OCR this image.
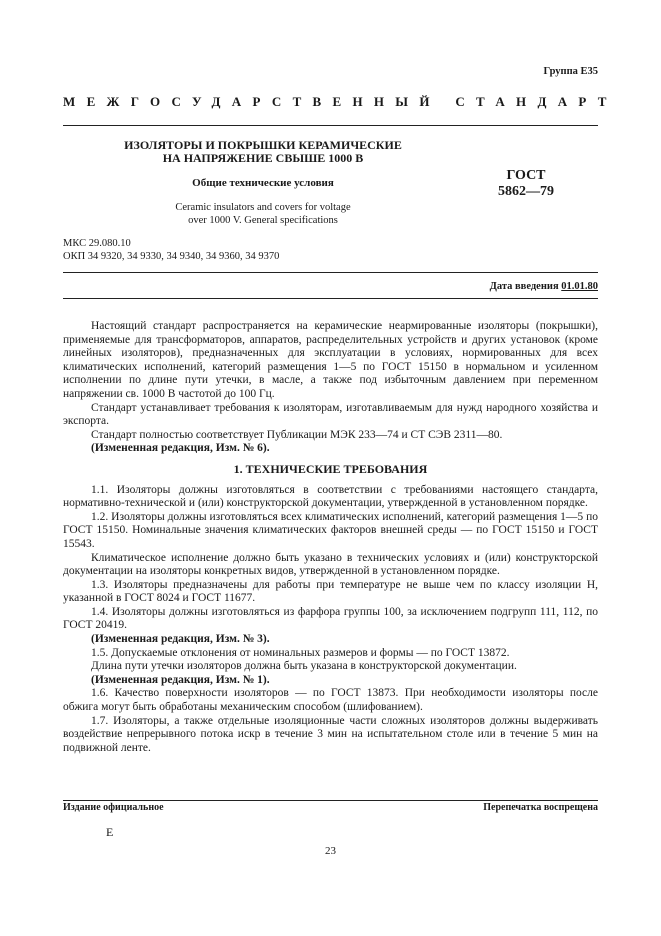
Группа Е35
МЕЖГОСУДАРСТВЕННЫЙ СТАНДАРТ
ИЗОЛЯТОРЫ И ПОКРЫШКИ КЕРАМИЧЕСКИЕ
НА НАПРЯЖЕНИЕ СВЫШЕ 1000 В
Общие технические условия
Ceramic insulators and covers for voltage
over 1000 V. General specifications
ГОСТ
5862—79
МКС 29.080.10
ОКП 34 9320, 34 9330, 34 9340, 34 9360, 34 9370
Дата введения 01.01.80

Настоящий стандарт распространяется на керамические неармированные изоляторы (покрышки), применяемые для трансформаторов, аппаратов, распределительных устройств и других установок (кроме линейных изоляторов), предназначенных для эксплуатации в условиях, нормированных для всех климатических исполнений, категорий размещения 1—5 по ГОСТ 15150 в нормальном и усиленном исполнении по длине пути утечки, в масле, а также под избыточным давлением при переменном напряжении св. 1000 В частотой до 100 Гц.

Стандарт устанавливает требования к изоляторам, изготавливаемым для нужд народного хозяйства и экспорта.

Стандарт полностью соответствует Публикации МЭК 233—74 и СТ СЭВ 2311—80.

(Измененная редакция, Изм. № 6).

1. ТЕХНИЧЕСКИЕ ТРЕБОВАНИЯ

1.1. Изоляторы должны изготовляться в соответствии с требованиями настоящего стандарта, нормативно-технической и (или) конструкторской документации, утвержденной в установленном порядке.

1.2. Изоляторы должны изготовляться всех климатических исполнений, категорий размещения 1—5 по ГОСТ 15150. Номинальные значения климатических факторов внешней среды — по ГОСТ 15150 и ГОСТ 15543.

Климатическое исполнение должно быть указано в технических условиях и (или) конструкторской документации на изоляторы конкретных видов, утвержденной в установленном порядке.

1.3. Изоляторы предназначены для работы при температуре не выше чем по классу изоляции Н, указанной в ГОСТ 8024 и ГОСТ 11677.

1.4. Изоляторы должны изготовляться из фарфора группы 100, за исключением подгрупп 111, 112, по ГОСТ 20419.

(Измененная редакция, Изм. № 3).

1.5. Допускаемые отклонения от номинальных размеров и формы — по ГОСТ 13872.

Длина пути утечки изоляторов должна быть указана в конструкторской документации.

(Измененная редакция, Изм. № 1).

1.6. Качество поверхности изоляторов — по ГОСТ 13873. При необходимости изоляторы после обжига могут быть обработаны механическим способом (шлифованием).

1.7. Изоляторы, а также отдельные изоляционные части сложных изоляторов должны выдерживать воздействие непрерывного потока искр в течение 3 мин на испытательном столе или в течение 5 мин на подвижной ленте.

Издание официальное	Перепечатка воспрещена
Е
23
